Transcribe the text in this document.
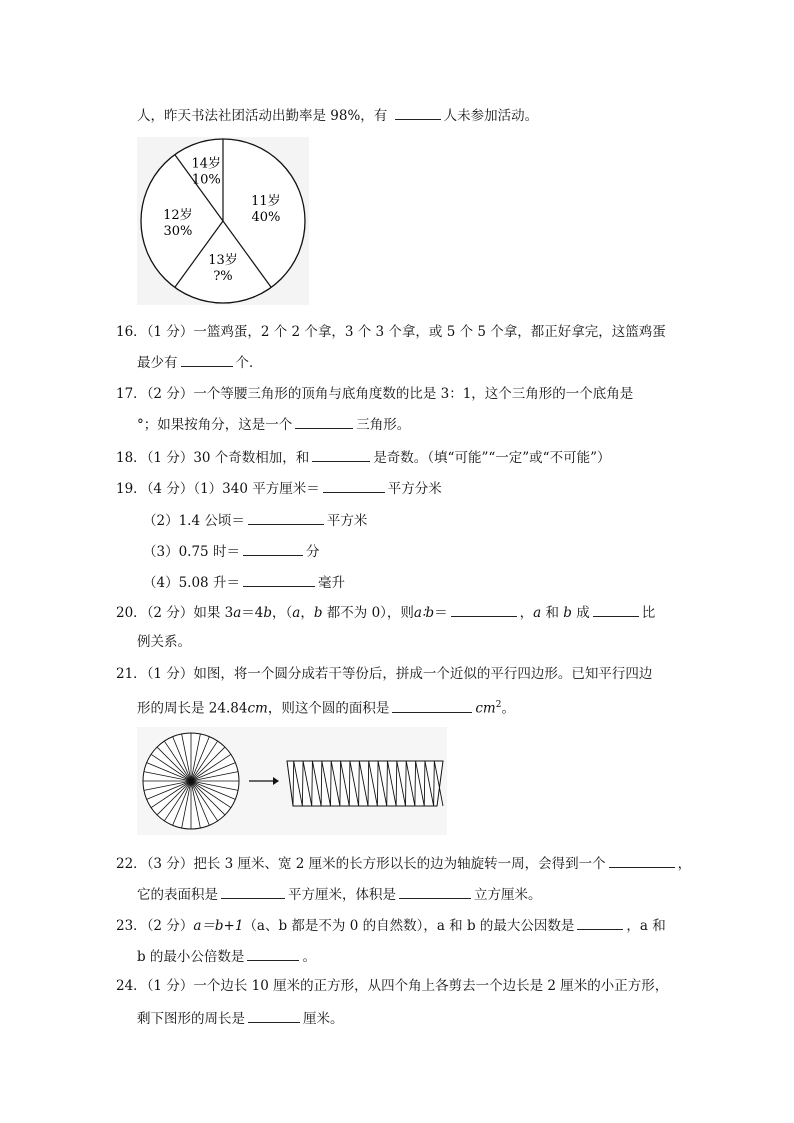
人，昨天书法社团活动出勤率是 98%，有	人未参加活动。
11岁
40%
13岁
?%
12岁
30%
14岁
10%
16．（1 分）一篮鸡蛋，2 个 2 个拿，3 个 3 个拿，或 5 个 5 个拿，都正好拿完，这篮鸡蛋
最少有	个．
17．（2 分）一个等腰三角形的顶角与底角度数的比是 3：1，这个三角形的一个底角是
°；如果按角分，这是一个	三角形。
18．（1 分）30 个奇数相加，和	是奇数。（填“可能”“一定”或“不可能”）
19．（4 分）（1）340 平方厘米＝	平方分米
（2）1.4 公顷＝	平方米
（3）0.75 时＝	分
（4）5.08 升＝	毫升
20．（2 分）如果 3a＝4b，（a，b 都不为 0），则a∶b＝	，a 和 b 成	比
例关系。
21．（1 分）如图，将一个圆分成若干等份后，拼成一个近似的平行四边形。已知平行四边
形的周长是 24.84cm，则这个圆的面积是	$cm^2$。
22．（3 分）把长 3 厘米、宽 2 厘米的长方形以长的边为轴旋转一周，会得到一个	，
它的表面积是	平方厘米，体积是	立方厘米。
23．（2 分）a＝b+1（a、b 都是不为 0 的自然数），a 和 b 的最大公因数是	，a 和
b 的最小公倍数是	。
24．（1 分）一个边长 10 厘米的正方形，从四个角上各剪去一个边长是 2 厘米的小正方形，
剩下图形的周长是	厘米。
